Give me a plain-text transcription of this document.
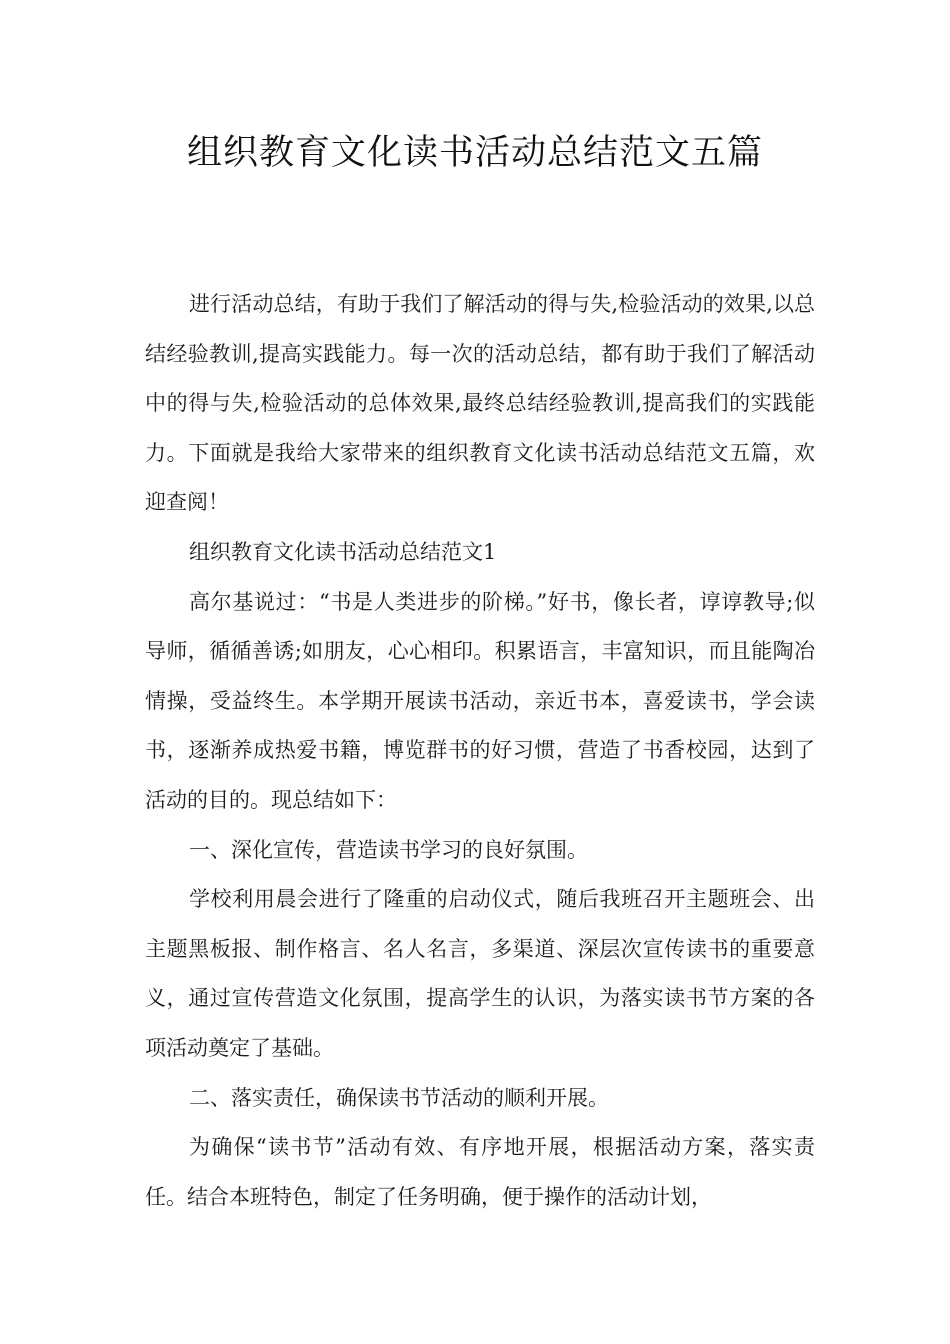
组织教育文化读书活动总结范文五篇

进行活动总结，有助于我们了解活动的得与失,检验活动的效果,以总结经验教训,提高实践能力。每一次的活动总结，都有助于我们了解活动中的得与失,检验活动的总体效果,最终总结经验教训,提高我们的实践能力。下面就是我给大家带来的组织教育文化读书活动总结范文五篇，欢迎查阅！

组织教育文化读书活动总结范文1

高尔基说过：“书是人类进步的阶梯。”好书，像长者，谆谆教导;似导师，循循善诱;如朋友，心心相印。积累语言，丰富知识，而且能陶冶情操，受益终生。本学期开展读书活动，亲近书本，喜爱读书，学会读书，逐渐养成热爱书籍，博览群书的好习惯，营造了书香校园，达到了活动的目的。现总结如下：

一、深化宣传，营造读书学习的良好氛围。

学校利用晨会进行了隆重的启动仪式，随后我班召开主题班会、出主题黑板报、制作格言、名人名言，多渠道、深层次宣传读书的重要意义，通过宣传营造文化氛围，提高学生的认识，为落实读书节方案的各项活动奠定了基础。

二、落实责任，确保读书节活动的顺利开展。

为确保“读书节”活动有效、有序地开展，根据活动方案，落实责任。结合本班特色，制定了任务明确，便于操作的活动计划，
